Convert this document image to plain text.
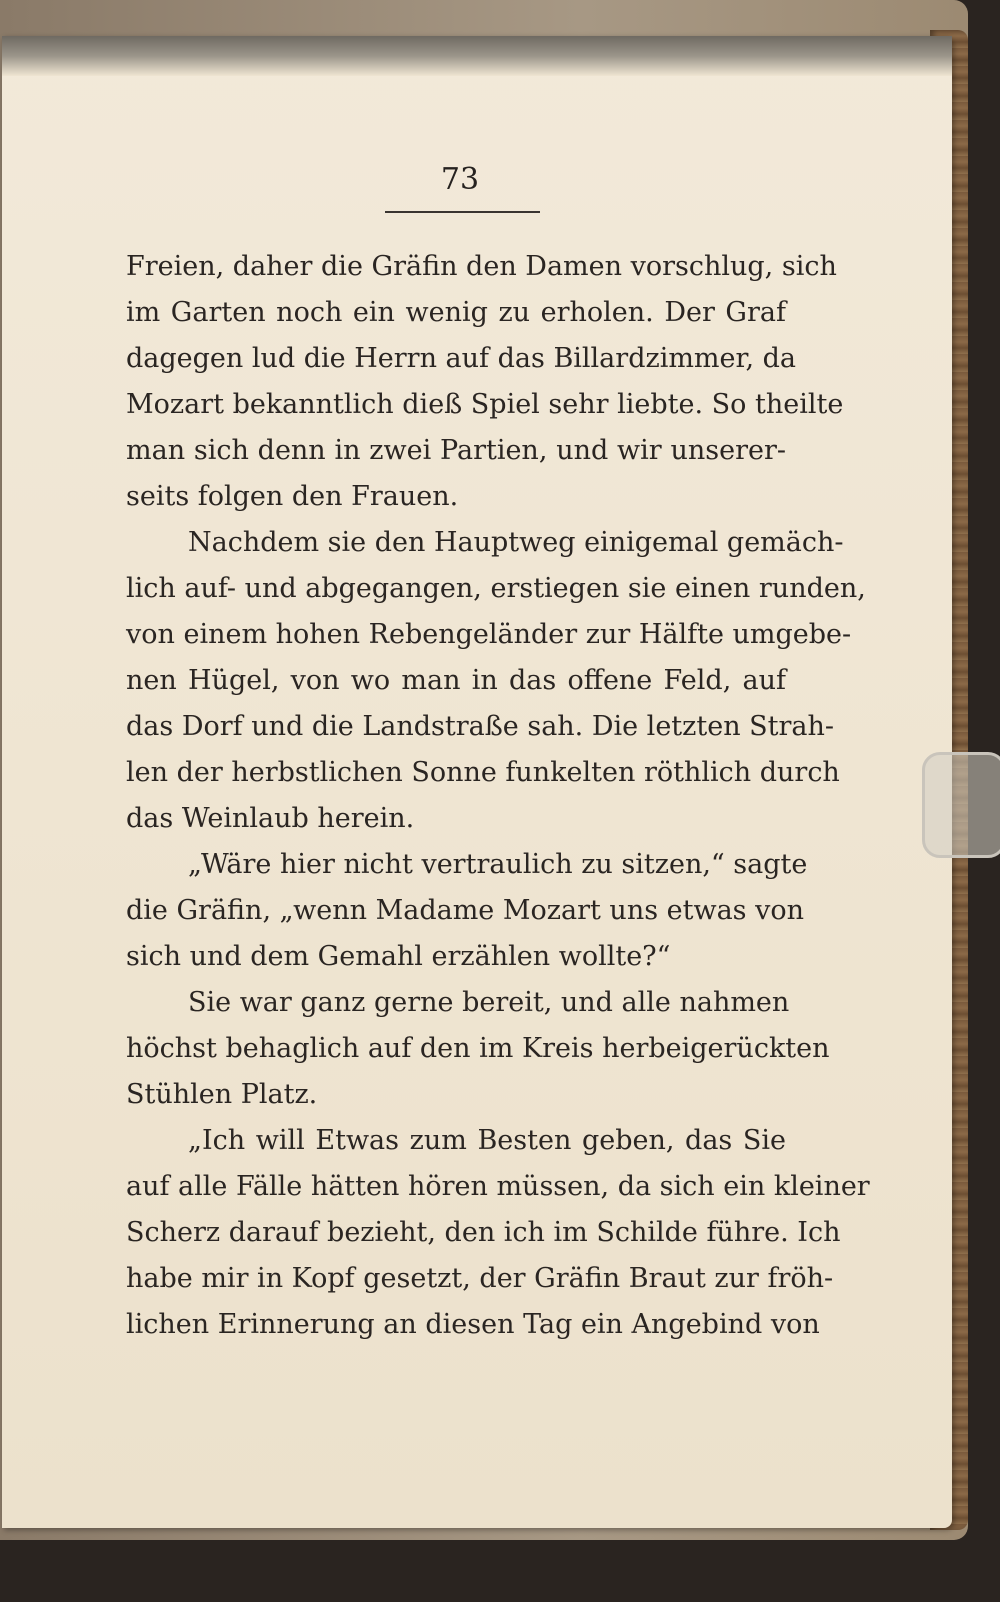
73
Freien, daher die Gräfin den Damen vorschlug, sich
im Garten noch ein wenig zu erholen. Der Graf
dagegen lud die Herrn auf das Billardzimmer, da
Mozart bekanntlich dieß Spiel sehr liebte. So theilte
man sich denn in zwei Partien, und wir unserer-
seits folgen den Frauen.
Nachdem sie den Hauptweg einigemal gemäch-
lich auf- und abgegangen, erstiegen sie einen runden,
von einem hohen Rebengeländer zur Hälfte umgebe-
nen Hügel, von wo man in das offene Feld, auf
das Dorf und die Landstraße sah. Die letzten Strah-
len der herbstlichen Sonne funkelten röthlich durch
das Weinlaub herein.
„Wäre hier nicht vertraulich zu sitzen,“ sagte
die Gräfin, „wenn Madame Mozart uns etwas von
sich und dem Gemahl erzählen wollte?“
Sie war ganz gerne bereit, und alle nahmen
höchst behaglich auf den im Kreis herbeigerückten
Stühlen Platz.
„Ich will Etwas zum Besten geben, das Sie
auf alle Fälle hätten hören müssen, da sich ein kleiner
Scherz darauf bezieht, den ich im Schilde führe. Ich
habe mir in Kopf gesetzt, der Gräfin Braut zur fröh-
lichen Erinnerung an diesen Tag ein Angebind von
